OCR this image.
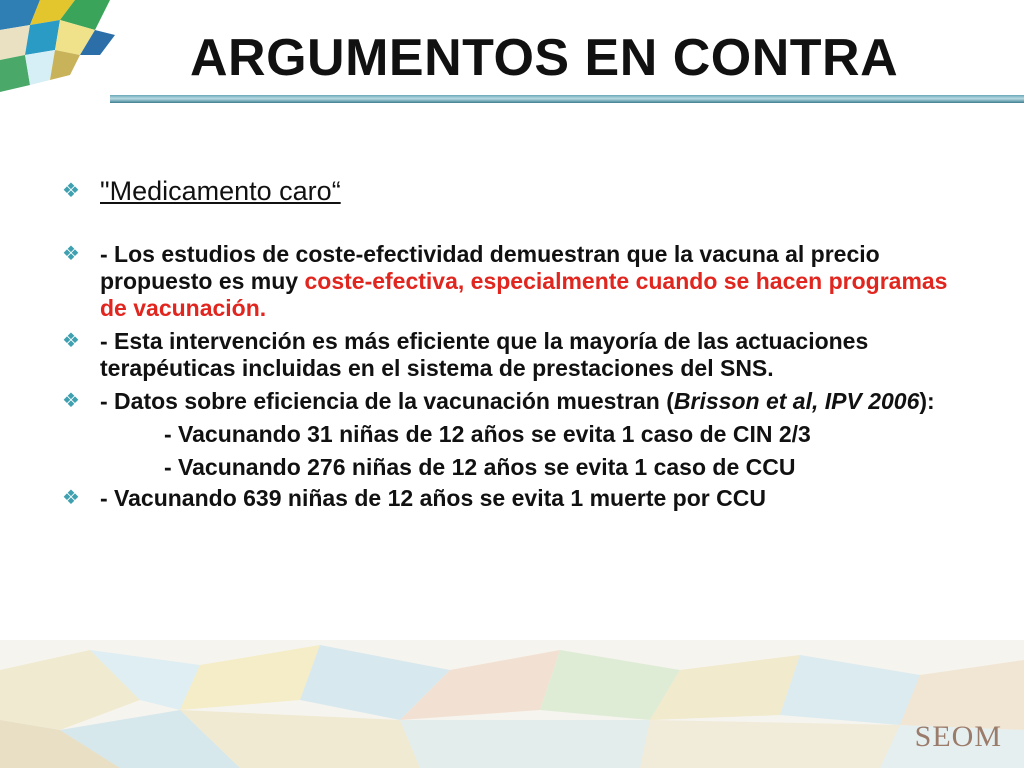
ARGUMENTOS EN CONTRA
❖ "Medicamento caro“
❖ - Los estudios de coste-efectividad demuestran que la vacuna al precio propuesto es muy coste-efectiva, especialmente cuando se hacen programas de vacunación.
❖ - Esta intervención es más eficiente que la mayoría de las actuaciones terapéuticas incluidas en el sistema de prestaciones del SNS.
❖ - Datos sobre eficiencia de la vacunación muestran (Brisson et al, IPV 2006):
- Vacunando 31 niñas de 12 años se evita 1 caso de CIN 2/3
- Vacunando 276 niñas de 12 años se evita 1 caso de CCU
❖ - Vacunando 639 niñas de 12 años se evita 1 muerte por CCU
SEOM
